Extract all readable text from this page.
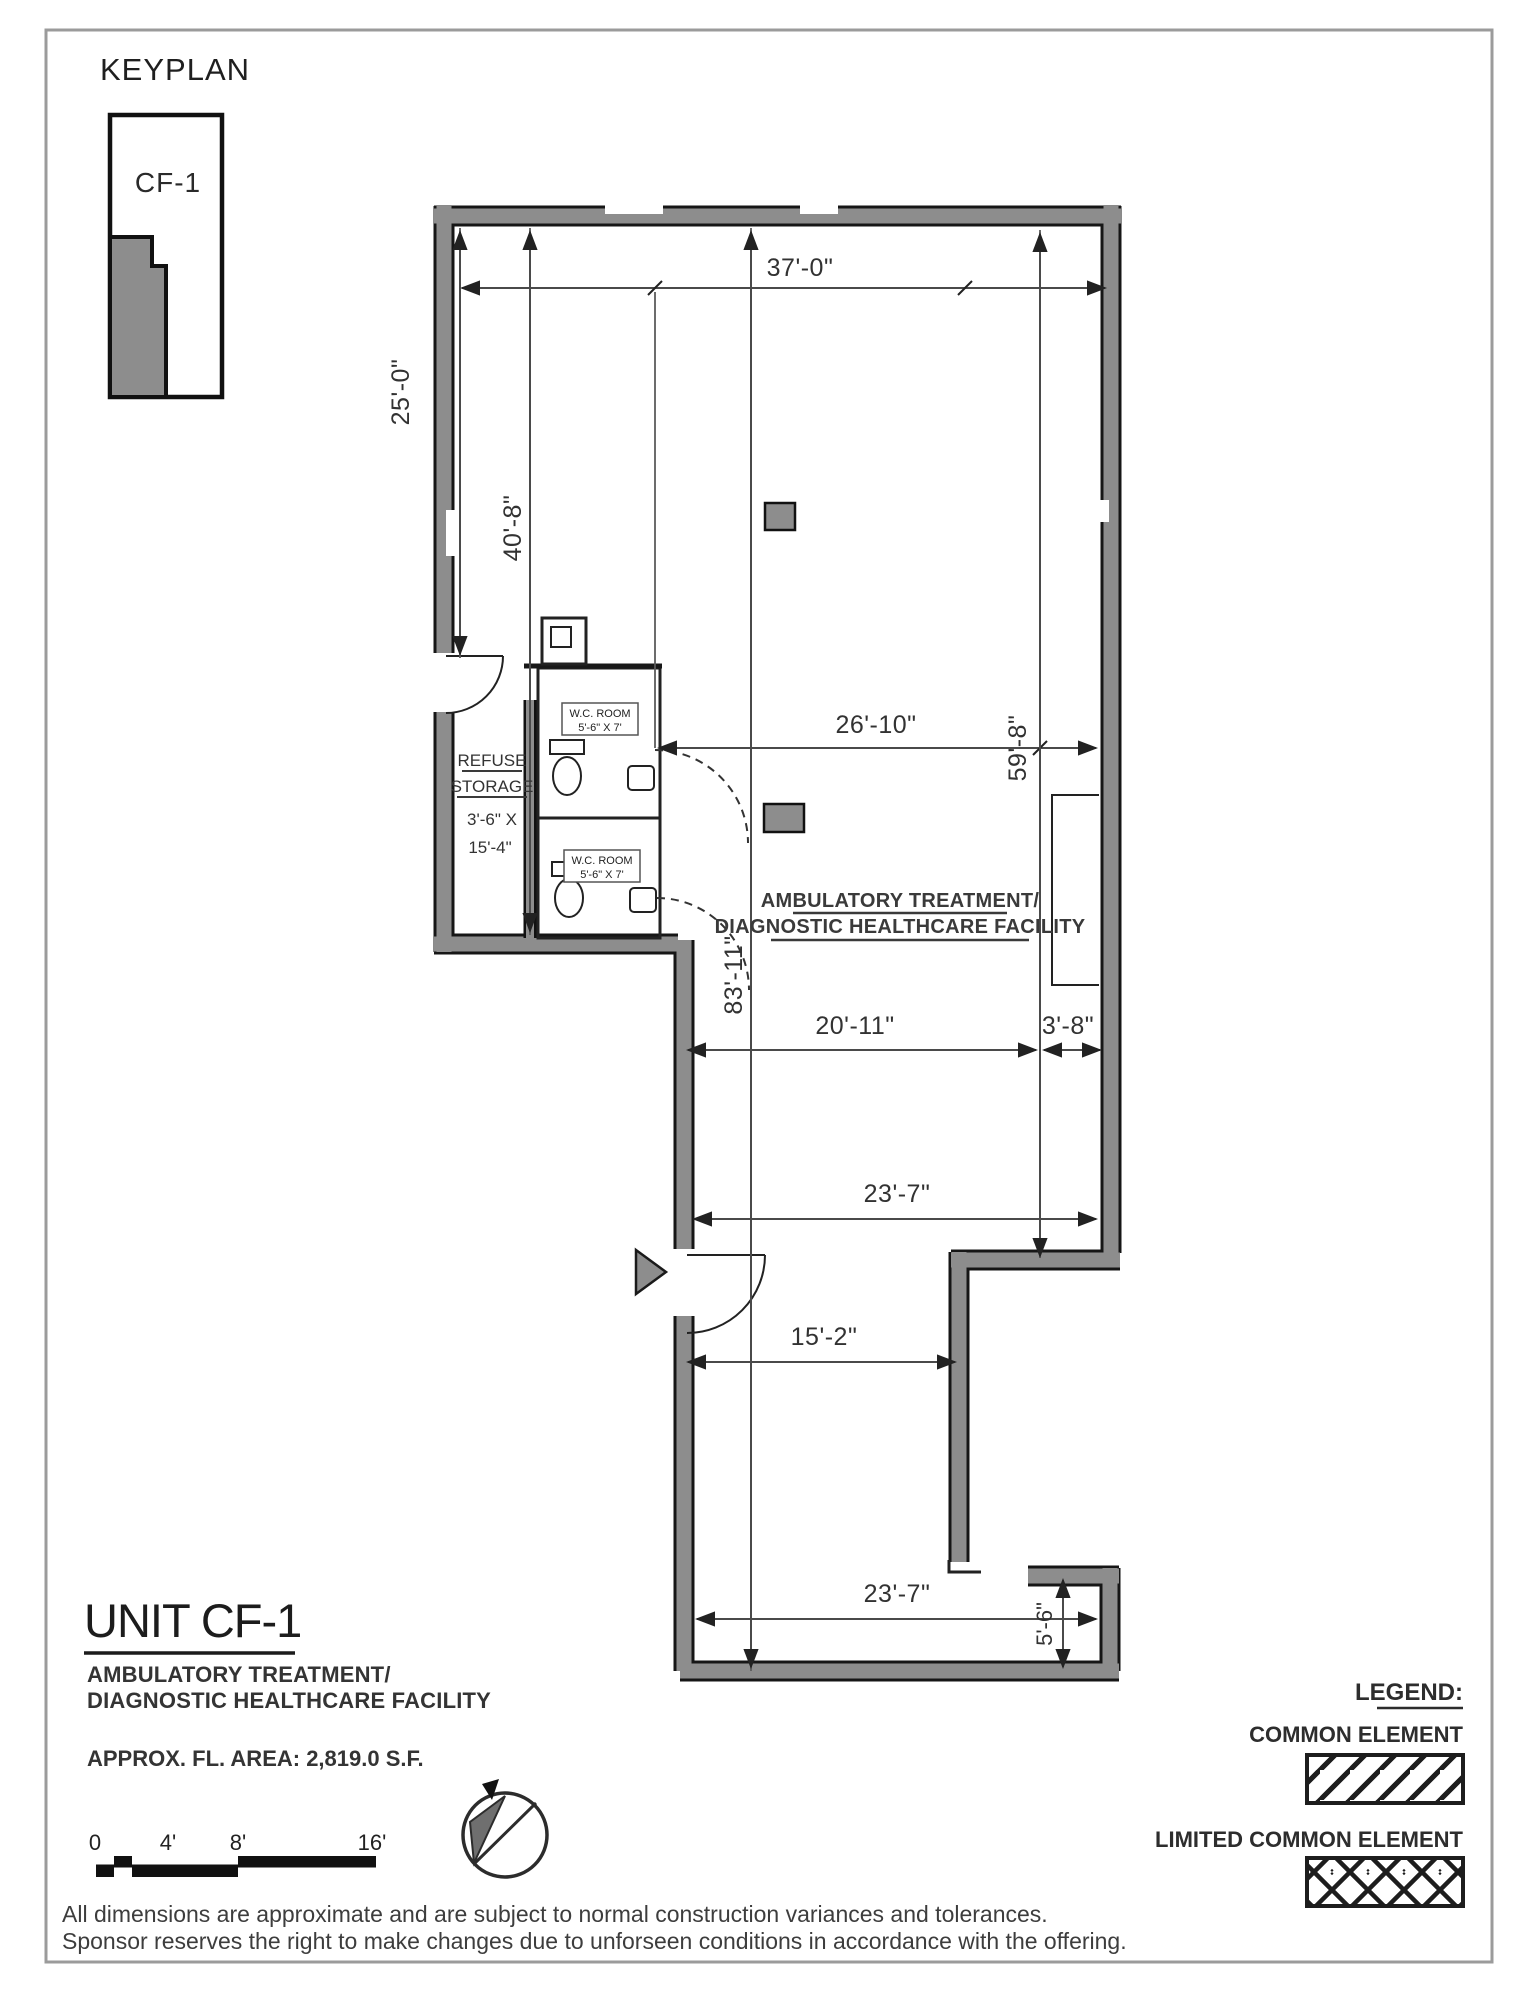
KEYPLAN
CF-1
37'-0"
25'-0"
40'-8"
26'-10"	59'-8"
83'-11"
20'-11"	3'-8"
23'-7"
15'-2"
23'-7"
5'-6"
AMBULATORY TREATMENT/
DIAGNOSTIC HEALTHCARE FACILITY
REFUSE
STORAGE
3'-6" X
15'-4"
W.C. ROOM
5'-6" X 7'
W.C. ROOM
5'-6" X 7'
UNIT CF-1
AMBULATORY TREATMENT/
DIAGNOSTIC HEALTHCARE FACILITY
APPROX. FL. AREA: 2,819.0 S.F.
0	4' 8'	16'
LEGEND:
COMMON ELEMENT
LIMITED COMMON ELEMENT
All dimensions are approximate and are subject to normal construction variances and tolerances.
Sponsor reserves the right to make changes due to unforseen conditions in accordance with the offering.
